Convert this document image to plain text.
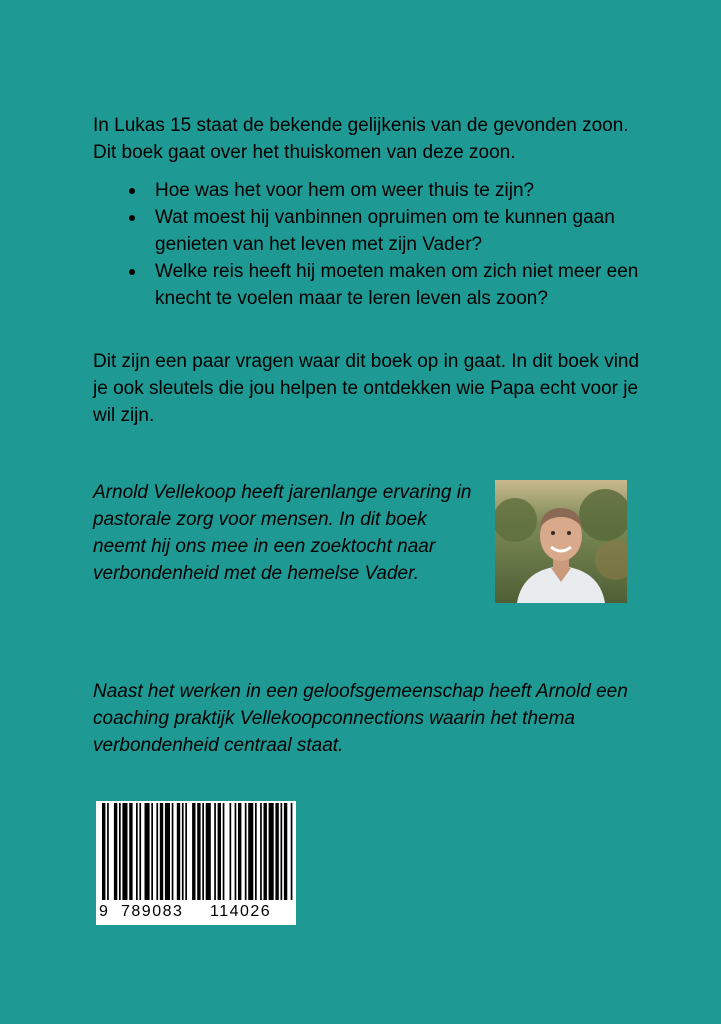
In Lukas 15 staat de bekende gelijkenis van de gevonden zoon. Dit boek gaat over het thuiskomen van deze zoon.

Hoe was het voor hem om weer thuis te zijn?
Wat moest hij vanbinnen opruimen om te kunnen gaan genieten van het leven met zijn Vader?
Welke reis heeft hij moeten maken om zich niet meer een knecht te voelen maar te leren leven als zoon?

Dit zijn een paar vragen waar dit boek op in gaat. In dit boek vind je ook sleutels die jou helpen te ontdekken wie Papa echt voor je wil zijn.

Arnold Vellekoop heeft jarenlange ervaring in pastorale zorg voor mensen. In dit boek neemt hij ons mee in een zoektocht naar verbondenheid met de hemelse Vader.

Naast het werken in een geloofsgemeenschap heeft Arnold een coaching praktijk Vellekoopconnections waarin het thema verbondenheid centraal staat.

9 789083 114026
